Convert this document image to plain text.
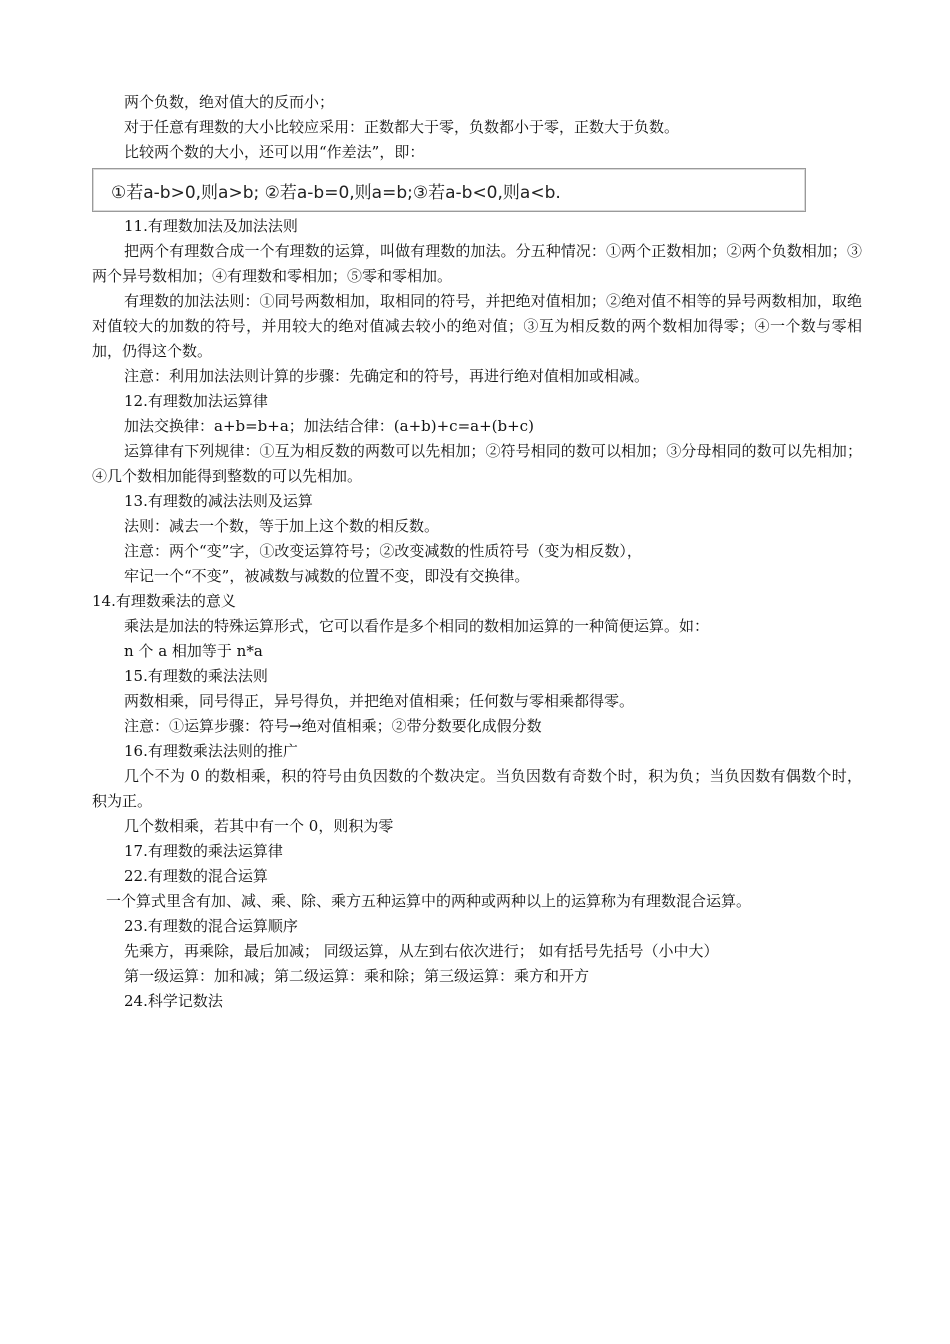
两个负数，绝对值大的反而小；

对于任意有理数的大小比较应采用：正数都大于零，负数都小于零，正数大于负数。

比较两个数的大小，还可以用“作差法”，即：

①若a-b>0,则a>b; ②若a-b=0,则a=b;③若a-b<0,则a<b.

11.有理数加法及加法法则

把两个有理数合成一个有理数的运算，叫做有理数的加法。分五种情况：①两个正数相加；②两个负数相加；③两个异号数相加；④有理数和零相加；⑤零和零相加。

有理数的加法法则：①同号两数相加，取相同的符号，并把绝对值相加；②绝对值不相等的异号两数相加，取绝对值较大的加数的符号，并用较大的绝对值减去较小的绝对值；③互为相反数的两个数相加得零；④一个数与零相加，仍得这个数。

注意：利用加法法则计算的步骤：先确定和的符号，再进行绝对值相加或相减。

12.有理数加法运算律

加法交换律：a+b=b+a；加法结合律：(a+b)+c=a+(b+c)

运算律有下列规律：①互为相反数的两数可以先相加；②符号相同的数可以相加；③分母相同的数可以先相加；④几个数相加能得到整数的可以先相加。

13.有理数的减法法则及运算

法则：减去一个数，等于加上这个数的相反数。

注意：两个“变”字，①改变运算符号；②改变减数的性质符号（变为相反数），

牢记一个“不变”，被减数与减数的位置不变，即没有交换律。

14.有理数乘法的意义

乘法是加法的特殊运算形式，它可以看作是多个相同的数相加运算的一种简便运算。如：

n 个 a 相加等于 n*a

15.有理数的乘法法则

两数相乘，同号得正，异号得负，并把绝对值相乘；任何数与零相乘都得零。

注意：①运算步骤：符号→绝对值相乘；②带分数要化成假分数

16.有理数乘法法则的推广

几个不为 0 的数相乘，积的符号由负因数的个数决定。当负因数有奇数个时，积为负；当负因数有偶数个时，积为正。

几个数相乘，若其中有一个 0，则积为零

17.有理数的乘法运算律

22.有理数的混合运算

一个算式里含有加、减、乘、除、乘方五种运算中的两种或两种以上的运算称为有理数混合运算。

23.有理数的混合运算顺序

先乘方，再乘除，最后加减； 同级运算，从左到右依次进行； 如有括号先括号（小中大）

第一级运算：加和减；第二级运算：乘和除；第三级运算：乘方和开方

24.科学记数法
